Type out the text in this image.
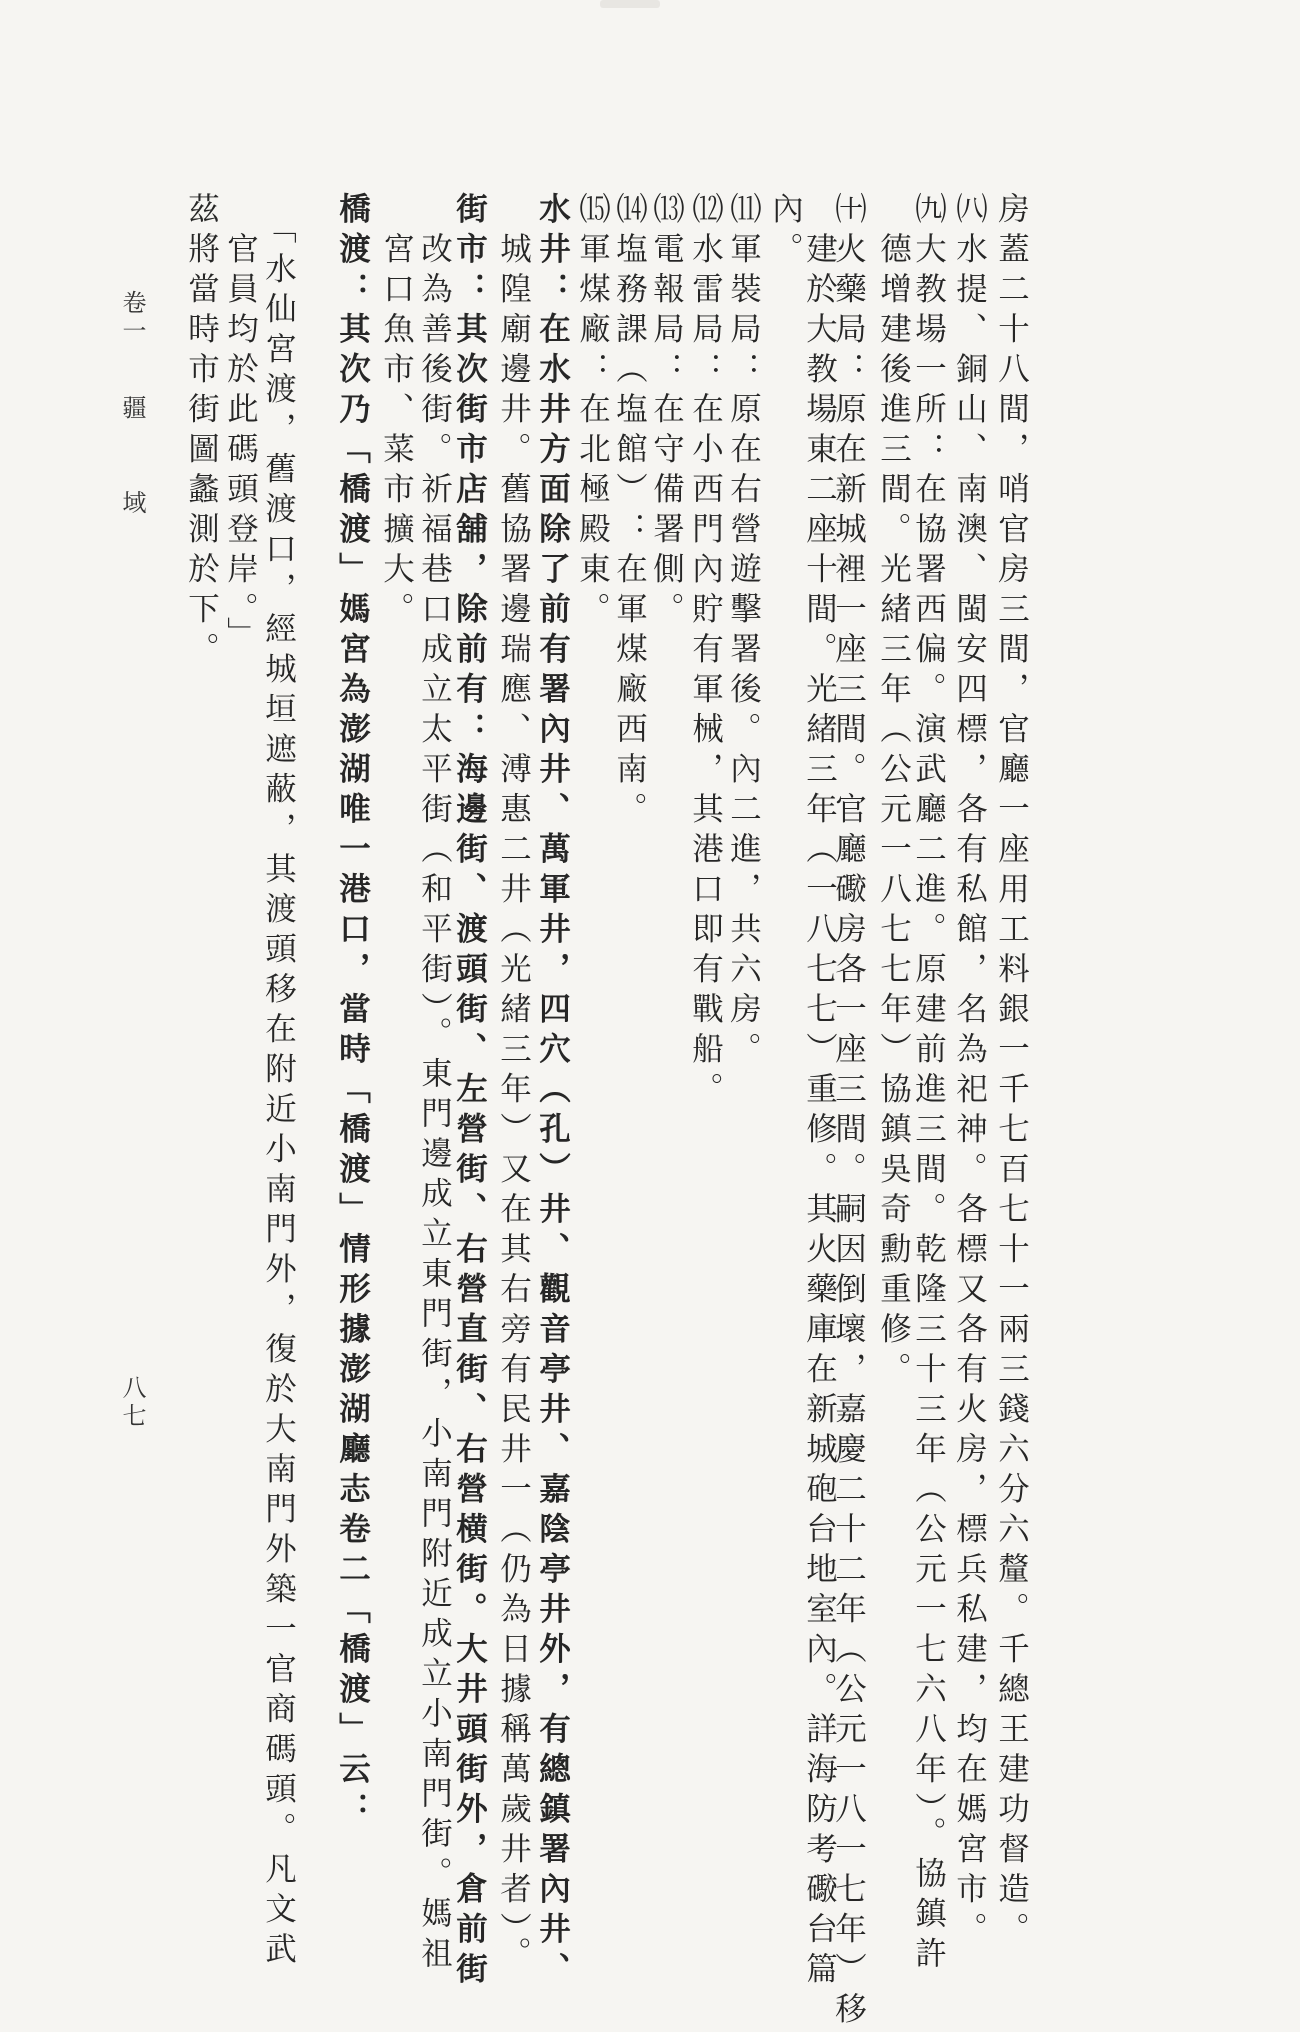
房蓋二十八間，哨官房三間，官廳一座用工料銀一千七百七十一兩三錢六分六釐。千總王建功督造。
㈧水提、銅山、南澳、閩安四標，各有私館，名為祀神。各標又各有火房，標兵私建，均在媽宮市。
㈨大教場一所：在協署西偏。演武廳二進。原建前進三間。乾隆三十三年（公元一七六八年）。協鎮許
德增建後進三間。光緒三年（公元一八七七年）協鎮吳奇勳重修。
㈩火藥局：原在新城裡一座三間。官廳礮房各一座三間。嗣因倒壞，嘉慶二十二年（公元一八一七年）移
建於大教場東二座十間。光緒三年（一八七七）重修。其火藥庫在新城砲台地室內。詳海防考礮台篇
內。
⑾軍裝局：原在右營遊擊署後。內二進，共六房。
⑿水雷局：在小西門內貯有軍械，其港口即有戰船。
⒀電報局：在守備署側。
⒁塩務課（塩館）：在軍煤廠西南。
⒂軍煤廠：在北極殿東。
水井：在水井方面除了前有署內井、萬軍井，四穴（孔）井、觀音亭井、嘉陰亭井外，有總鎮署內井、
城隍廟邊井。舊協署邊瑞應、溥惠二井（光緒三年）又在其右旁有民井一（仍為日據稱萬歲井者）。
街市：其次街市店舖，除前有：海邊街、渡頭街、左營街、右營直街、右營横街。大井頭街外，倉前街
改為善後街。祈福巷口成立太平街（和平街）。東門邊成立東門街，小南門附近成立小南門街。媽祖
宮口魚市、菜市擴大。
橋渡：其次乃「橋渡」媽宮為澎湖唯一港口，當時「橋渡」情形據澎湖廳志卷二「橋渡」云：
「水仙宮渡，舊渡口，經城垣遮蔽，其渡頭移在附近小南門外，復於大南門外築一官商碼頭。凡文武
官員均於此碼頭登岸。」
茲將當時市街圖蠡測於下。
卷一
疆
域
八七
